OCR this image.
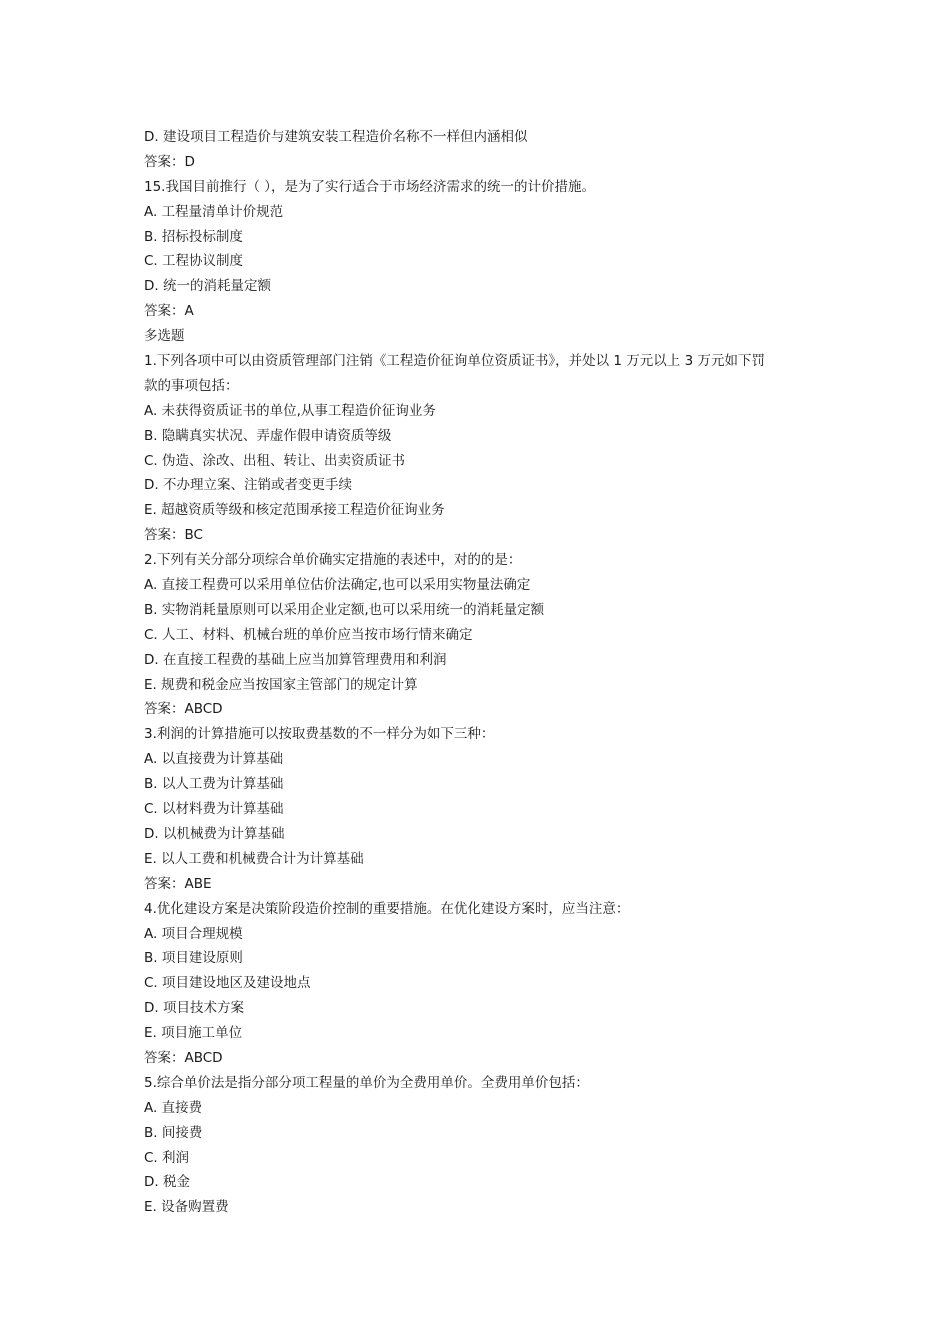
D. 建设项目工程造价与建筑安装工程造价名称不一样但内涵相似
答案：D
15.我国目前推行（ ），是为了实行适合于市场经济需求的统一的计价措施。
A. 工程量清单计价规范
B. 招标投标制度
C. 工程协议制度
D. 统一的消耗量定额
答案：A
多选题
1.下列各项中可以由资质管理部门注销《工程造价征询单位资质证书》，并处以 1 万元以上 3 万元如下罚
款的事项包括：
A. 未获得资质证书的单位,从事工程造价征询业务
B. 隐瞒真实状况、弄虚作假申请资质等级
C. 伪造、涂改、出租、转让、出卖资质证书
D. 不办理立案、注销或者变更手续
E. 超越资质等级和核定范围承接工程造价征询业务
答案：BC
2.下列有关分部分项综合单价确实定措施的表述中，对的的是：
A. 直接工程费可以采用单位估价法确定,也可以采用实物量法确定
B. 实物消耗量原则可以采用企业定额,也可以采用统一的消耗量定额
C. 人工、材料、机械台班的单价应当按市场行情来确定
D. 在直接工程费的基础上应当加算管理费用和利润
E. 规费和税金应当按国家主管部门的规定计算
答案：ABCD
3.利润的计算措施可以按取费基数的不一样分为如下三种：
A. 以直接费为计算基础
B. 以人工费为计算基础
C. 以材料费为计算基础
D. 以机械费为计算基础
E. 以人工费和机械费合计为计算基础
答案：ABE
4.优化建设方案是决策阶段造价控制的重要措施。在优化建设方案时，应当注意：
A. 项目合理规模
B. 项目建设原则
C. 项目建设地区及建设地点
D. 项目技术方案
E. 项目施工单位
答案：ABCD
5.综合单价法是指分部分项工程量的单价为全费用单价。全费用单价包括：
A. 直接费
B. 间接费
C. 利润
D. 税金
E. 设备购置费
